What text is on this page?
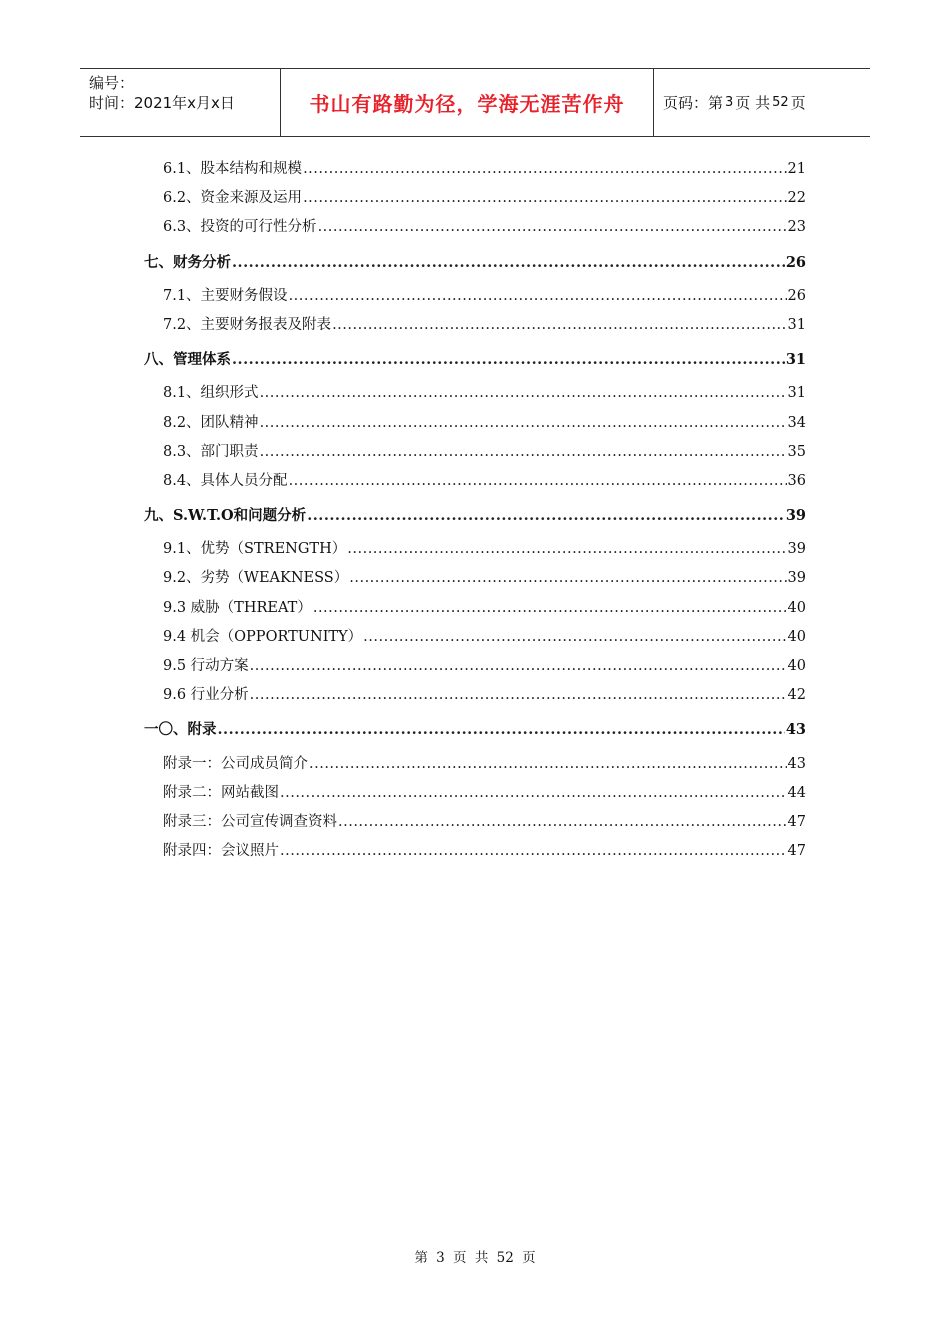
编号：
时间：2021年x月x日	书山有路勤为径，学海无涯苦作舟	页码：第 3 页 共 52 页
6.1、股本结构和规模 .....	21
6.2、资金来源及运用 .....	22
6.3、投资的可行性分析 .....	23
七、财务分析 .....	26
7.1、主要财务假设 .....	26
7.2、主要财务报表及附表 .....	31
八、管理体系 .....	31
8.1、组织形式 .....	31
8.2、团队精神 .....	34
8.3、部门职责 .....	35
8.4、具体人员分配 .....	36
九、S.W.T.O和问题分析 .....	39
9.1、优势（STRENGTH） .....	39
9.2、劣势（WEAKNESS） .....	39
9.3 威胁（THREAT） .....	40
9.4 机会（OPPORTUNITY） .....	40
9.5 行动方案 .....	40
9.6 行业分析 .....	42
一〇、附录 .....	43
附录一：公司成员简介 .....	43
附录二：网站截图 .....	44
附录三：公司宣传调查资料 .....	47
附录四：会议照片 .....	47
第 3 页 共 52 页
